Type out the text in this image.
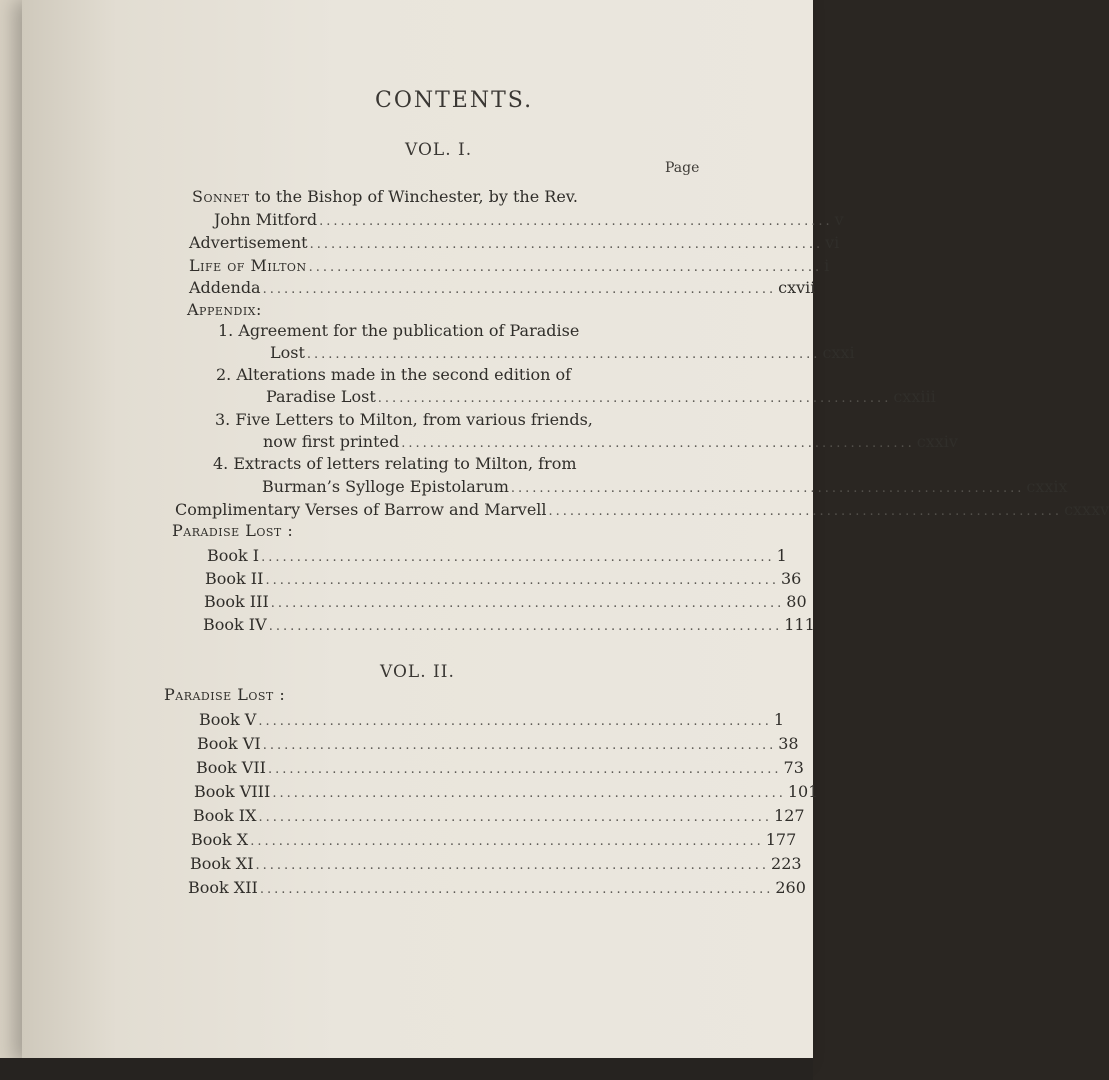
CONTENTS.
VOL. I.
Page
Sonnet to the Bishop of Winchester, by the Rev.
John Mitford ........................................................................ v
Advertisement ........................................................................ vi
Life of Milton ........................................................................ i
Addenda ........................................................................ cxvii
Appendix:
1. Agreement for the publication of Paradise
Lost ........................................................................ cxxi
2. Alterations made in the second edition of
Paradise Lost ........................................................................ cxxiii
3. Five Letters to Milton, from various friends,
now first printed ........................................................................ cxxiv
4. Extracts of letters relating to Milton, from
Burman’s Sylloge Epistolarum ........................................................................ cxxix
Complimentary Verses of Barrow and Marvell ........................................................................ cxxxv
Paradise Lost :
Book I ........................................................................ 1
Book II ........................................................................ 36
Book III ........................................................................ 80
Book IV ........................................................................ 111
VOL. II.
Paradise Lost :
Book V ........................................................................ 1
Book VI ........................................................................ 38
Book VII ........................................................................ 73
Book VIII ........................................................................ 101
Book IX ........................................................................ 127
Book X ........................................................................ 177
Book XI ........................................................................ 223
Book XII ........................................................................ 260
